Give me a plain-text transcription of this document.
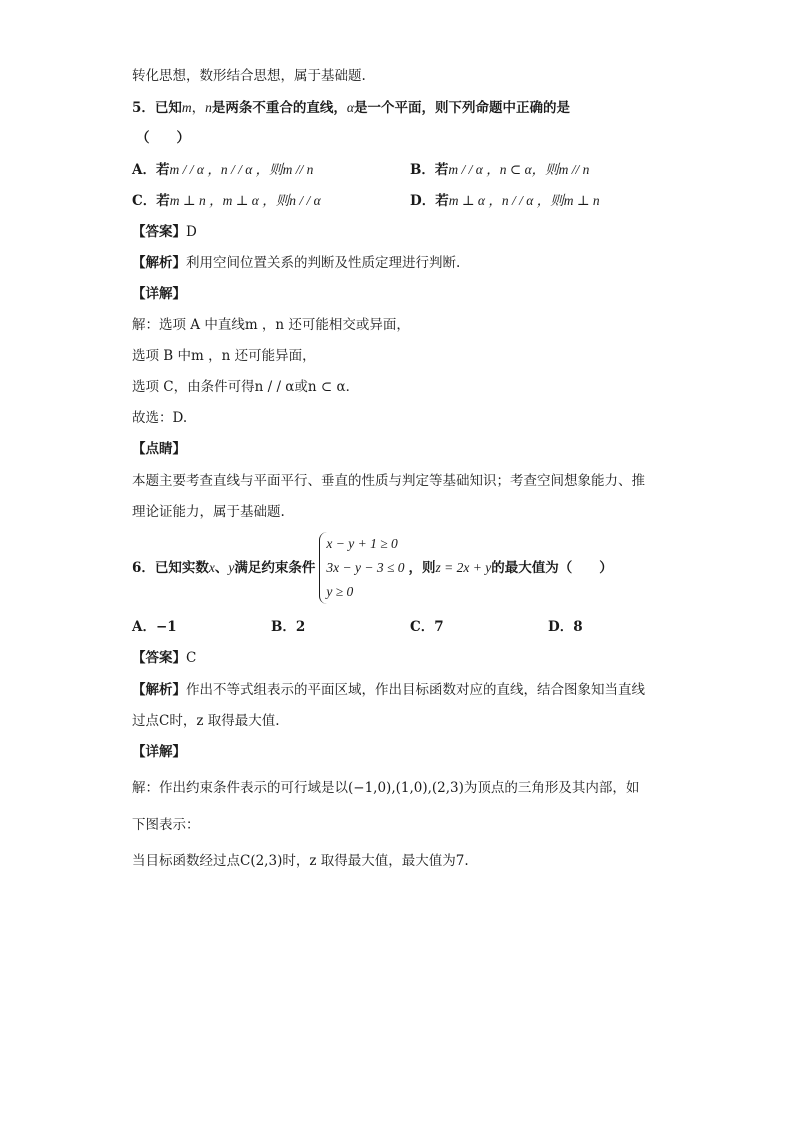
转化思想，数形结合思想，属于基础题.
5．已知m，n是两条不重合的直线，α是一个平面，则下列命题中正确的是
（　　）
A．若m / / α ，n / / α ，则m // n	B．若m / / α ，n ⊂ α，则m // n
C．若m ⊥ n ，m ⊥ α ，则n / / α	D．若m ⊥ α ，n / / α ，则m ⊥ n
【答案】D
【解析】利用空间位置关系的判断及性质定理进行判断.
【详解】
解：选项 A 中直线m ，n 还可能相交或异面，
选项 B 中m ，n 还可能异面，
选项 C，由条件可得n / / α或n ⊂ α．
故选：D.
【点睛】
本题主要考查直线与平面平行、垂直的性质与判定等基础知识；考查空间想象能力、推
理论证能力，属于基础题.
6．已知实数x、y满足约束条件
x − y + 1 ≥ 0
3x − y − 3 ≤ 0
y ≥ 0
，则z = 2x + y的最大值为（　　）
A．−1	B．2	C．7	D．8
【答案】C
【解析】作出不等式组表示的平面区域，作出目标函数对应的直线，结合图象知当直线
过点C时，z 取得最大值.
【详解】
解：作出约束条件表示的可行域是以(−1,0),(1,0),(2,3)为顶点的三角形及其内部，如
下图表示：
当目标函数经过点C(2,3)时，z 取得最大值，最大值为7.
